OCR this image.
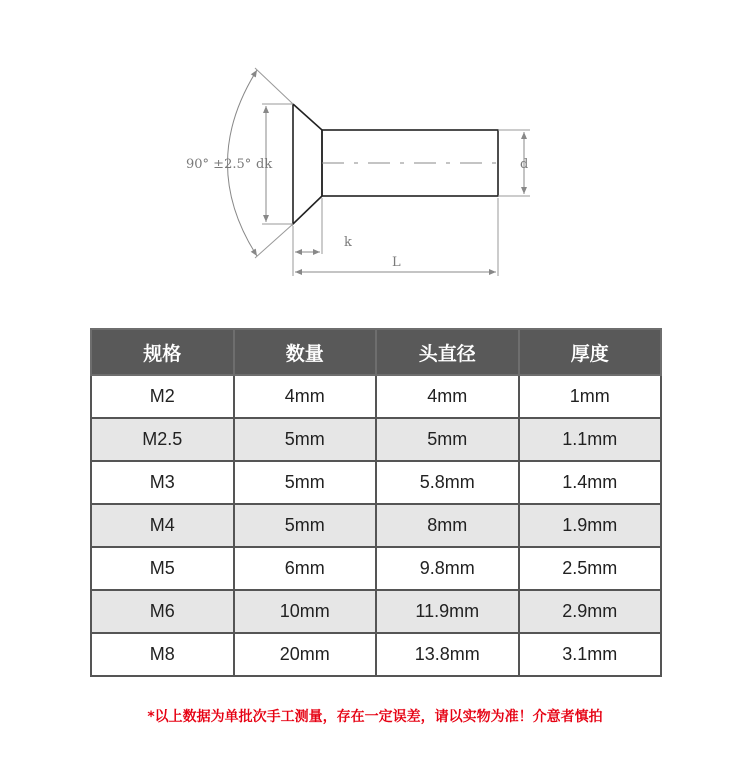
90° ±2.5° dk	d
k
L
规格	数量	头直径	厚度
M2	4mm	4mm	1mm
M2.5	5mm	5mm	1.1mm
M3	5mm	5.8mm	1.4mm
M4	5mm	8mm	1.9mm
M5	6mm	9.8mm	2.5mm
M6	10mm	11.9mm	2.9mm
M8	20mm	13.8mm	3.1mm
*以上数据为单批次手工测量，存在一定误差，请以实物为准！介意者慎拍
